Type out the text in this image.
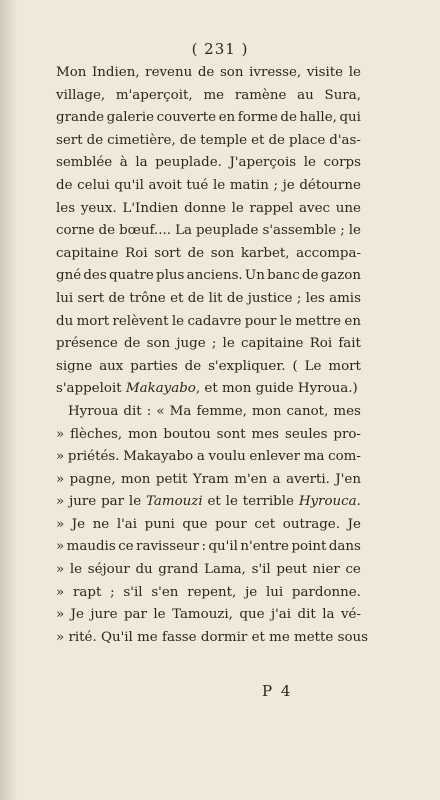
( 231 )
Mon Indien, revenu de son ivresse, visite le
village, m'aperçoit, me ramène au Sura,
grande galerie couverte en forme de halle, qui
sert de cimetière, de temple et de place d'as-
semblée à la peuplade. J'aperçois le corps
de celui qu'il avoit tué le matin ; je détourne
les yeux. L'Indien donne le rappel avec une
corne de bœuf.... La peuplade s'assemble ; le
capitaine Roi sort de son karbet, accompa-
gné des quatre plus anciens. Un banc de gazon
lui sert de trône et de lit de justice ; les amis
du mort relèvent le cadavre pour le mettre en
présence de son juge ; le capitaine Roi fait
signe aux parties de s'expliquer. ( Le mort
s'appeloit
Makayabo ,
et
mon
guide
Hyroua.)
Hyroua dit : « Ma femme, mon canot, mes
» flèches, mon boutou sont mes seules pro-
» priétés. Makayabo a voulu enlever ma com-
» pagne, mon petit Yram m'en a averti. J'en
» jure par le Tamouzi et le terrible Hyrouca.
» Je ne l'ai puni que pour cet outrage. Je
» maudis ce ravisseur : qu'il n'entre point dans
» le séjour du grand Lama, s'il peut nier ce
» rapt ; s'il s'en repent, je lui pardonne.
» Je jure par le Tamouzi, que j'ai dit la vé-
»
rité.
Qu'il
me
fasse
dormir
et
me
mette
sous
P 4
